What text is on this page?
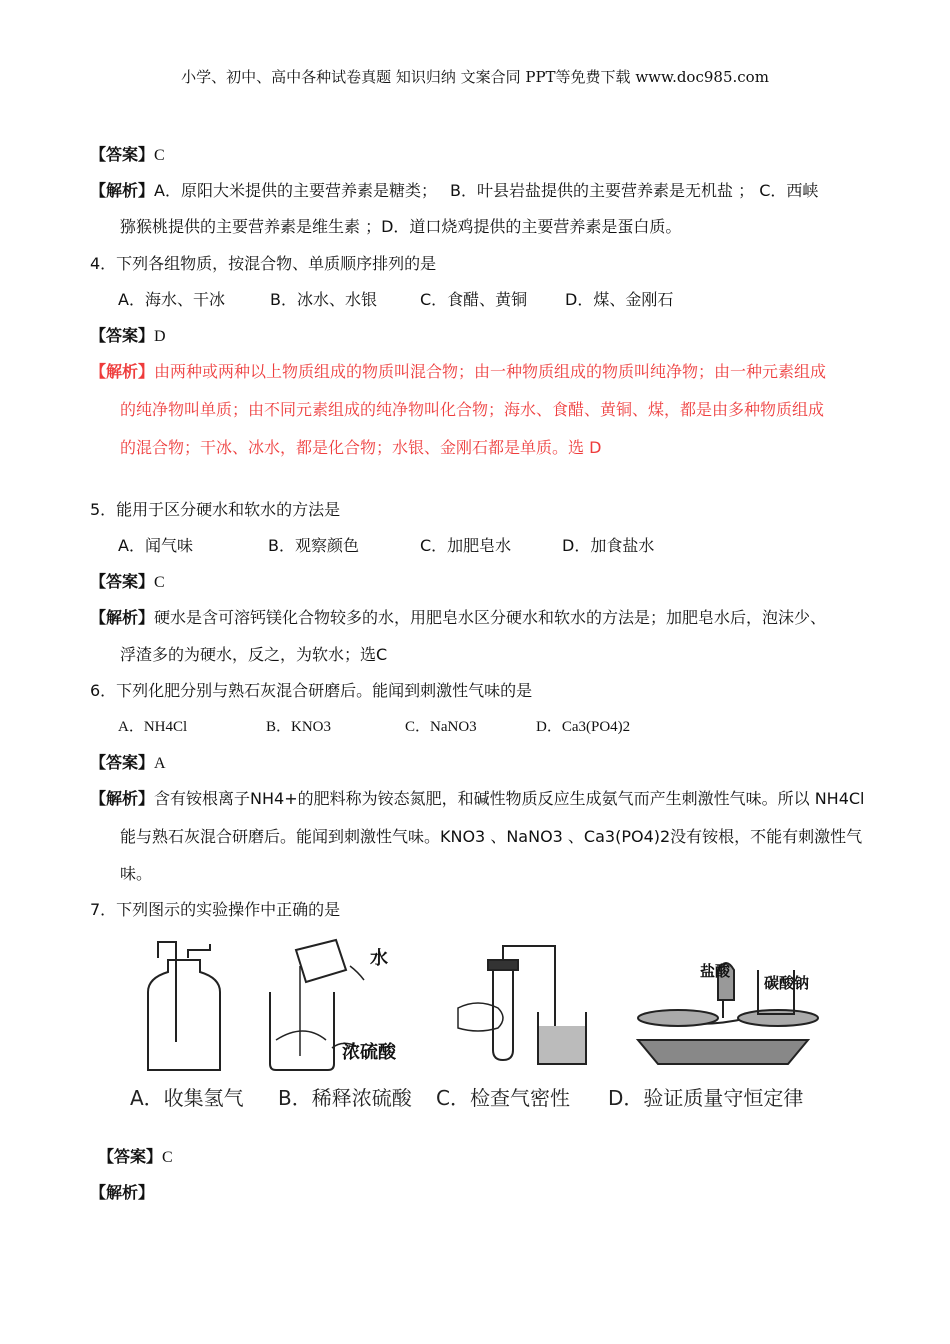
小学、初中、高中各种试卷真题 知识归纳 文案合同 PPT等免费下载 www.doc985.com
【答案】C
【解析】A．原阳大米提供的主要营养素是糖类；　 B．叶县岩盐提供的主要营养素是无机盐 ； C．西峡
猕猴桃提供的主要营养素是维生素 ；D．道口烧鸡提供的主要营养素是蛋白质。
4．下列各组物质，按混合物、单质顺序排列的是
A．海水、干冰	B．冰水、水银	C．食醋、黄铜 D．煤、金刚石
【答案】D
【解析】由两种或两种以上物质组成的物质叫混合物；由一种物质组成的物质叫纯净物；由一种元素组成
的纯净物叫单质；由不同元素组成的纯净物叫化合物；海水、食醋、黄铜、煤，都是由多种物质组成
的混合物；干冰、冰水，都是化合物；水银、金刚石都是单质。选 D
5．能用于区分硬水和软水的方法是
A．闻气味	B．观察颜色	C．加肥皂水	D．加食盐水
【答案】C
【解析】硬水是含可溶钙镁化合物较多的水，用肥皂水区分硬水和软水的方法是；加肥皂水后，泡沫少、
浮渣多的为硬水，反之，为软水；选C
6．下列化肥分别与熟石灰混合研磨后。能闻到刺激性气味的是
A．NH4Cl	B．KNO3	C．NaNO3	D．Ca3(PO4)2
【答案】A
【解析】含有铵根离子NH4+的肥料称为铵态氮肥，和碱性物质反应生成氨气而产生刺激性气味。所以 NH4Cl
能与熟石灰混合研磨后。能闻到刺激性气味。KNO3 、NaNO3 、Ca3(PO4)2没有铵根，不能有刺激性气
味。
7．下列图示的实验操作中正确的是
水
浓硫酸
盐酸
碳酸钠
A．收集氢气 B．稀释浓硫酸 C．检查气密性 D．验证质量守恒定律
【答案】C
【解析】
